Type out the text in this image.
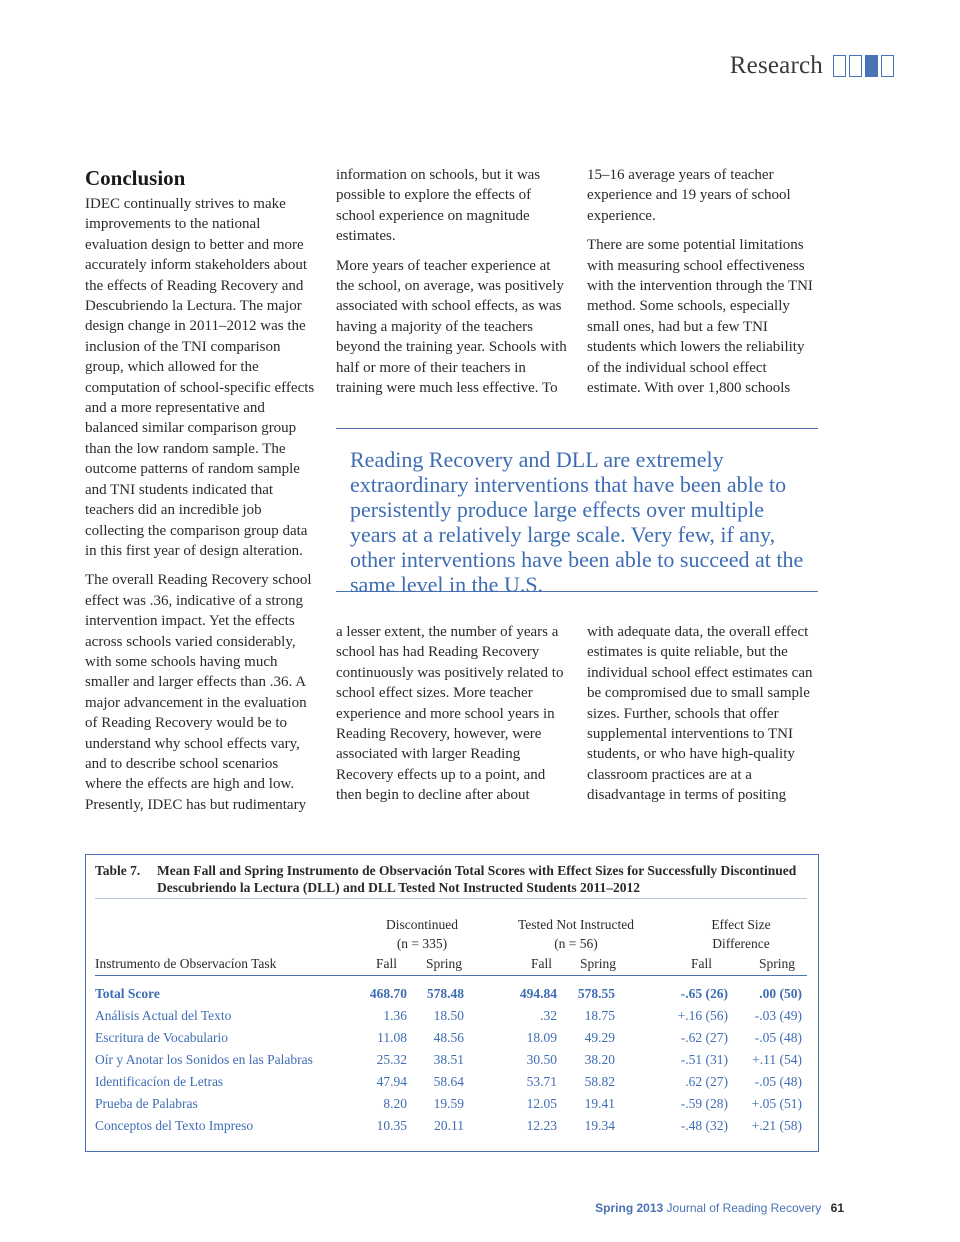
Research
Conclusion

IDEC continually strives to make improvements to the national evaluation design to better and more accurately inform stakeholders about the effects of Reading Recovery and Descubriendo la Lectura. The major design change in 2011–2012 was the inclusion of the TNI comparison group, which allowed for the computation of school-specific effects and a more representative and balanced similar comparison group than the low random sample. The outcome patterns of random sample and TNI students indicated that teachers did an incredible job collecting the comparison group data in this first year of design alteration.

The overall Reading Recovery school effect was .36, indicative of a strong intervention impact. Yet the effects across schools varied considerably, with some schools having much smaller and larger effects than .36. A major advancement in the evaluation of Reading Recovery would be to understand why school effects vary, and to describe school scenarios where the effects are high and low. Presently, IDEC has but rudimentary

information on schools, but it was possible to explore the effects of school experience on magnitude estimates.

More years of teacher experience at the school, on average, was positively associated with school effects, as was having a majority of the teachers beyond the training year. Schools with half or more of their teachers in training were much less effective. To

15–16 average years of teacher experience and 19 years of school experience.

There are some potential limitations with measuring school effectiveness with the intervention through the TNI method. Some schools, especially small ones, had but a few TNI students which lowers the reliability of the individual school effect estimate. With over 1,800 schools

Reading Recovery and DLL are extremely extraordinary interventions that have been able to persistently produce large effects over multiple years at a relatively large scale. Very few, if any, other interventions have been able to succeed at the same level in the U.S.

a lesser extent, the number of years a school has had Reading Recovery continuously was positively related to school effect sizes. More teacher experience and more school years in Reading Recovery, however, were associated with larger Reading Recovery effects up to a point, and then begin to decline after about

with adequate data, the overall effect estimates is quite reliable, but the individual school effect estimates can be compromised due to small sample sizes. Further, schools that offer supplemental interventions to TNI students, or who have high-quality classroom practices are at a disadvantage in terms of positing

Table 7.	Mean Fall and Spring Instrumento de Observación Total Scores with Effect Sizes for Successfully Discontinued Descubriendo la Lectura (DLL) and DLL Tested Not Instructed Students 2011–2012
Discontinued
(n = 335)
Tested Not Instructed
(n = 56)
Effect Size
Difference
Instrumento de Observacíon Task	Fall Spring	Fall Spring	Fall	Spring
Total Score	468.70 578.48	494.84 578.55	-.65 (26) .00 (50)
Análisis Actual del Texto	1.36 18.50	.32 18.75	+.16 (56) -.03 (49)
Escritura de Vocabulario	11.08 48.56	18.09 49.29	-.62 (27) -.05 (48)
Oír y Anotar los Sonidos en las Palabras	25.32 38.51	30.50 38.20	-.51 (31) +.11 (54)
Identificacíon de Letras	47.94 58.64	53.71 58.82	.62 (27) -.05 (48)
Prueba de Palabras	8.20 19.59	12.05 19.41	-.59 (28) +.05 (51)
Conceptos del Texto Impreso	10.35 20.11	12.23 19.34	-.48 (32) +.21 (58)
Spring 2013 Journal of Reading Recovery 61
